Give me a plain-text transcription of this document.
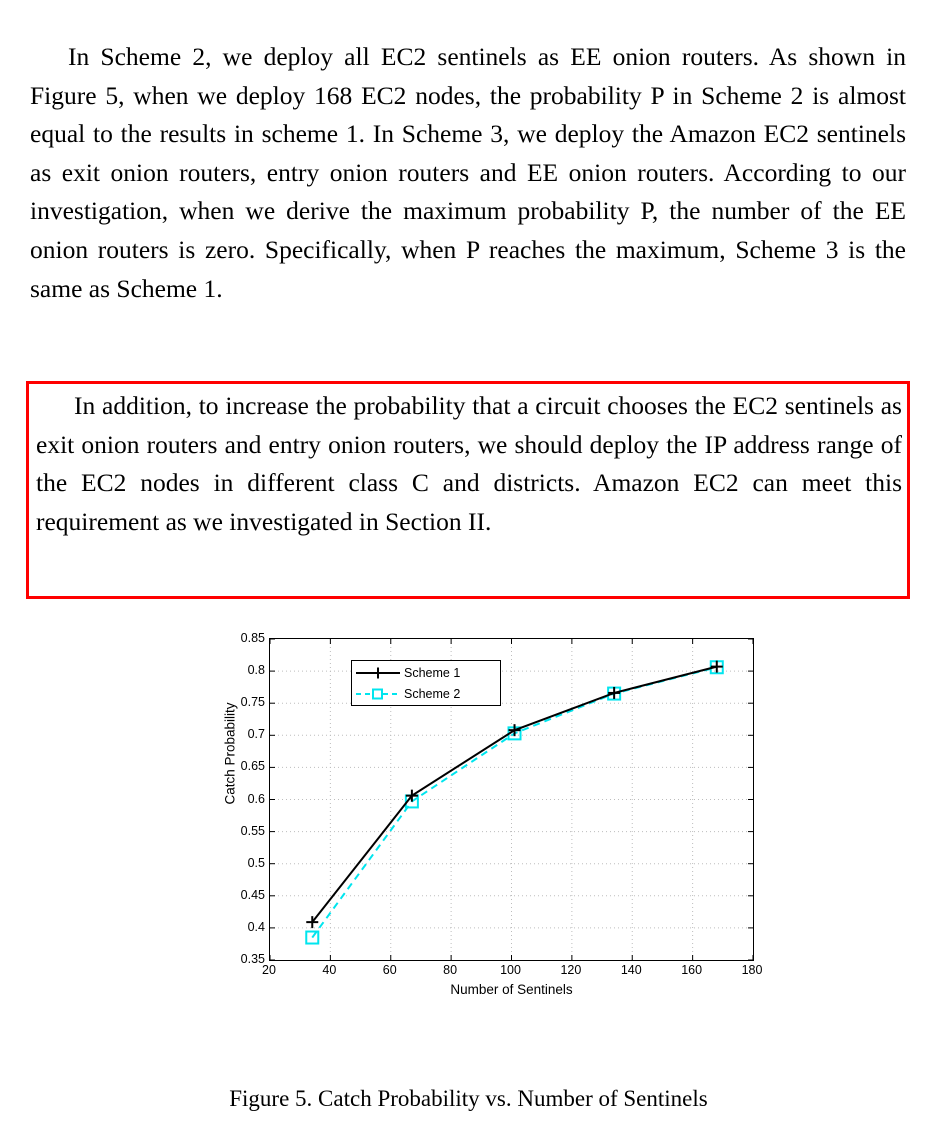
In Scheme 2, we deploy all EC2 sentinels as EE onion routers. As shown in Figure 5, when we deploy 168 EC2 nodes, the probability P in Scheme 2 is almost equal to the results in scheme 1. In Scheme 3, we deploy the Amazon EC2 sentinels as exit onion routers, entry onion routers and EE onion routers. According to our investigation, when we derive the maximum probability P, the number of the EE onion routers is zero. Specifically, when P reaches the maximum, Scheme 3 is the same as Scheme 1.

In addition, to increase the probability that a circuit chooses the EC2 sentinels as exit onion routers and entry onion routers, we should deploy the IP address range of the EC2 nodes in different class C and districts. Amazon EC2 can meet this requirement as we investigated in Section II.

Scheme 1
Scheme 2
20	40	60	80	100	120	140	160	180
0.35
0.4
0.45
0.5
0.55
0.6
0.65
0.7
0.75
0.8
0.85
Number of Sentinels
Catch Probability
Figure 5. Catch Probability vs. Number of Sentinels
